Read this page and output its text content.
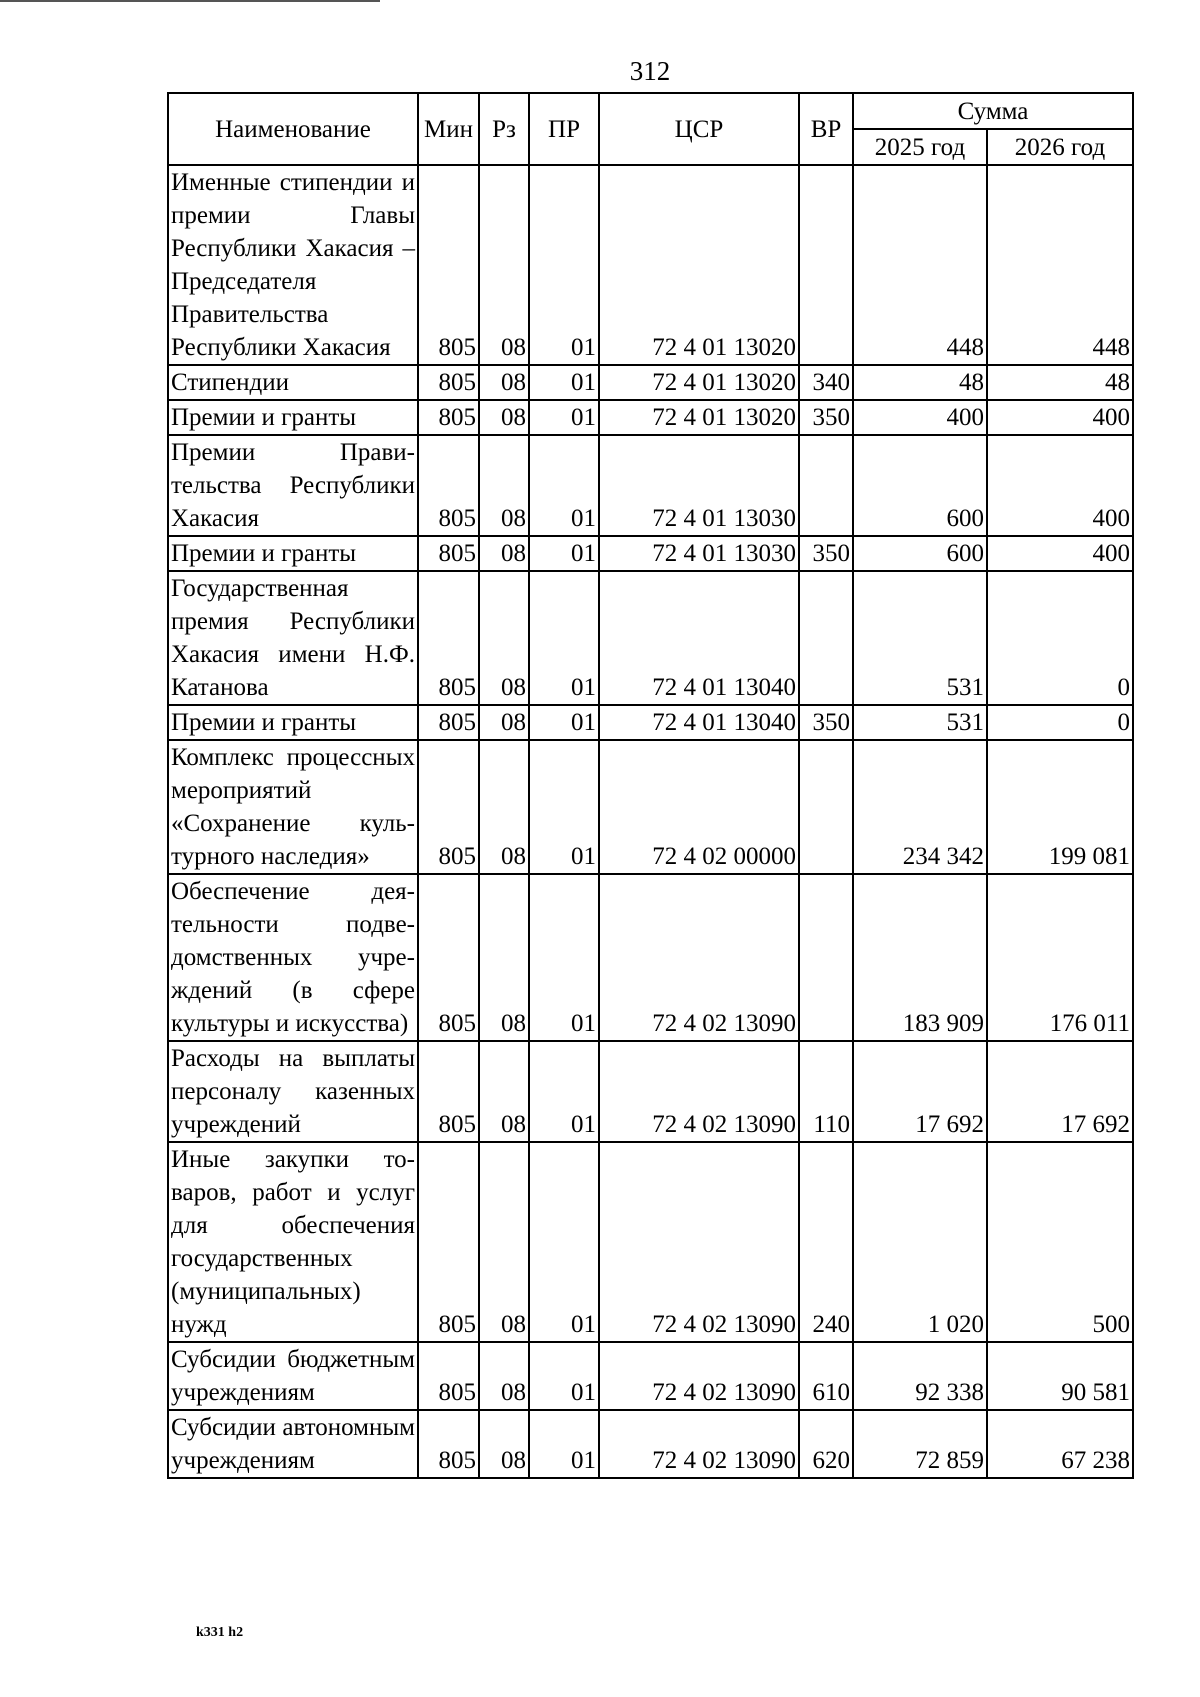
312
Наименование	Мин	Рз	ПР	ЦСР	ВР	Сумма	
						2025 год	2026 год
Именные стипендии и премии Главы Республики Хакасия – Председателя Правительства Республики Хакасия	805	08	01	72 4 01 13020		448	448
Стипендии	805	08	01	72 4 01 13020	340	48	48
Премии и гранты	805	08	01	72 4 01 13020	350	400	400
Премии Правительства Республики Хакасия	805	08	01	72 4 01 13030		600	400
Премии и гранты	805	08	01	72 4 01 13030	350	600	400
Государственная премия Республики Хакасия имени Н.Ф. Катанова	805	08	01	72 4 01 13040		531	0
Премии и гранты	805	08	01	72 4 01 13040	350	531	0
Комплекс процессных мероприятий «Сохранение культурного наследия»	805	08	01	72 4 02 00000		234 342	199 081
Обеспечение деятельности подведомственных учреждений (в сфере культуры и искусства)	805	08	01	72 4 02 13090		183 909	176 011
Расходы на выплаты персоналу казенных учреждений	805	08	01	72 4 02 13090	110	17 692	17 692
Иные закупки товаров, работ и услуг для обеспечения государственных (муниципальных) нужд	805	08	01	72 4 02 13090	240	1 020	500
Субсидии бюджетным учреждениям	805	08	01	72 4 02 13090	610	92 338	90 581
Субсидии автономным учреждениям	805	08	01	72 4 02 13090	620	72 859	67 238
k331 h2
